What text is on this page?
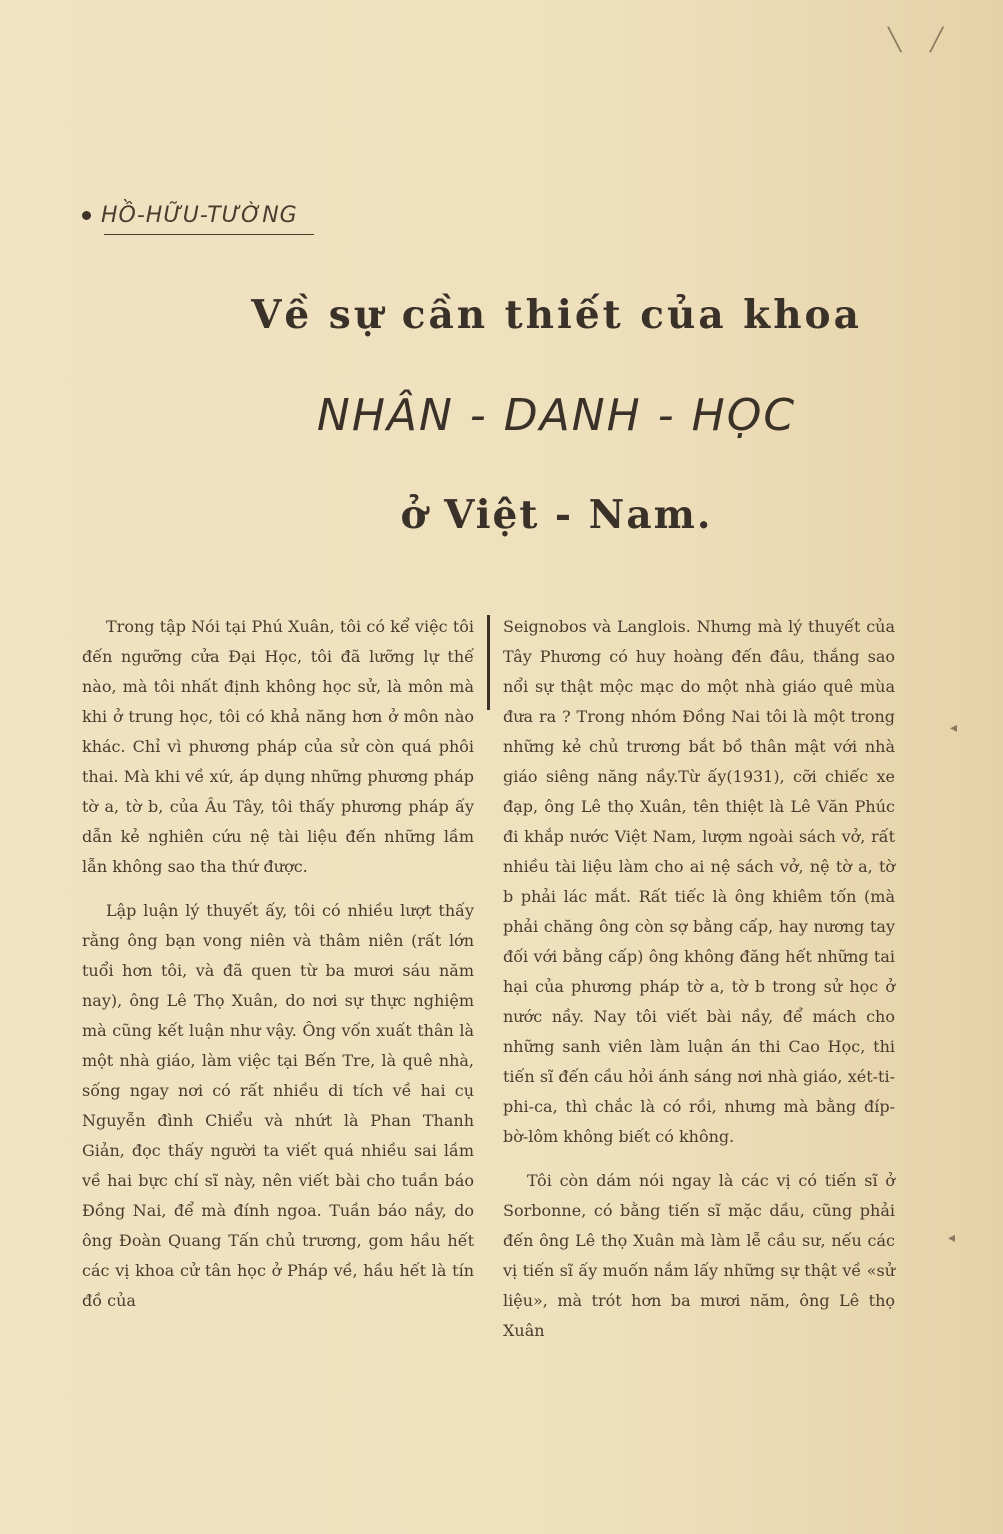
╲ ╱
◂
◂
HỒ-HỮU-TƯỜNG
Về sự cần thiết của khoa
NHÂN - DANH - HỌC
ở Việt - Nam.

Trong tập Nói tại Phú Xuân, tôi có kể việc tôi đến ngưỡng cửa Đại Học, tôi đã lưỡng lự thế nào, mà tôi nhất định không học sử, là môn mà khi ở trung học, tôi có khả năng hơn ở môn nào khác. Chỉ vì phương pháp của sử còn quá phôi thai. Mà khi về xứ, áp dụng những phương pháp tờ a, tờ b, của Âu Tây, tôi thấy phương pháp ấy dẫn kẻ nghiên cứu nệ tài liệu đến những lầm lẫn không sao tha thứ được.

Lập luận lý thuyết ấy, tôi có nhiều lượt thấy rằng ông bạn vong niên và thâm niên (rất lớn tuổi hơn tôi, và đã quen từ ba mươi sáu năm nay), ông Lê Thọ Xuân, do nơi sự thực nghiệm mà cũng kết luận như vậy. Ông vốn xuất thân là một nhà giáo, làm việc tại Bến Tre, là quê nhà, sống ngay nơi có rất nhiều di tích về hai cụ Nguyễn đình Chiểu và nhứt là Phan Thanh Giản, đọc thấy người ta viết quá nhiều sai lầm về hai bực chí sĩ này, nên viết bài cho tuần báo Đồng Nai, để mà đính ngoa. Tuần báo nầy, do ông Đoàn Quang Tấn chủ trương, gom hầu hết các vị khoa cử tân học ở Pháp về, hầu hết là tín đồ của

Seignobos và Langlois. Nhưng mà lý thuyết của Tây Phương có huy hoàng đến đâu, thắng sao nổi sự thật mộc mạc do một nhà giáo quê mùa đưa ra ? Trong nhóm Đồng Nai tôi là một trong những kẻ chủ trương bắt bồ thân mật với nhà giáo siêng năng nầy.Từ ấy(1931), cỡi chiếc xe đạp, ông Lê thọ Xuân, tên thiệt là Lê Văn Phúc đi khắp nước Việt Nam, lượm ngoài sách vở, rất nhiều tài liệu làm cho ai nệ sách vở, nệ tờ a, tờ b phải lác mắt. Rất tiếc là ông khiêm tốn (mà phải chăng ông còn sợ bằng cấp, hay nương tay đối với bằng cấp) ông không đăng hết những tai hại của phương pháp tờ a, tờ b trong sử học ở nước nầy. Nay tôi viết bài nầy, để mách cho những sanh viên làm luận án thi Cao Học, thi tiến sĩ đến cầu hỏi ánh sáng nơi nhà giáo, xét-ti-phi-ca, thì chắc là có rồi, nhưng mà bằng đíp-bờ-lôm không biết có không.

Tôi còn dám nói ngay là các vị có tiến sĩ ở Sorbonne, có bằng tiến sĩ mặc dầu, cũng phải đến ông Lê thọ Xuân mà làm lễ cầu sư, nếu các vị tiến sĩ ấy muốn nắm lấy những sự thật về «sử liệu», mà trót hơn ba mươi năm, ông Lê thọ Xuân
